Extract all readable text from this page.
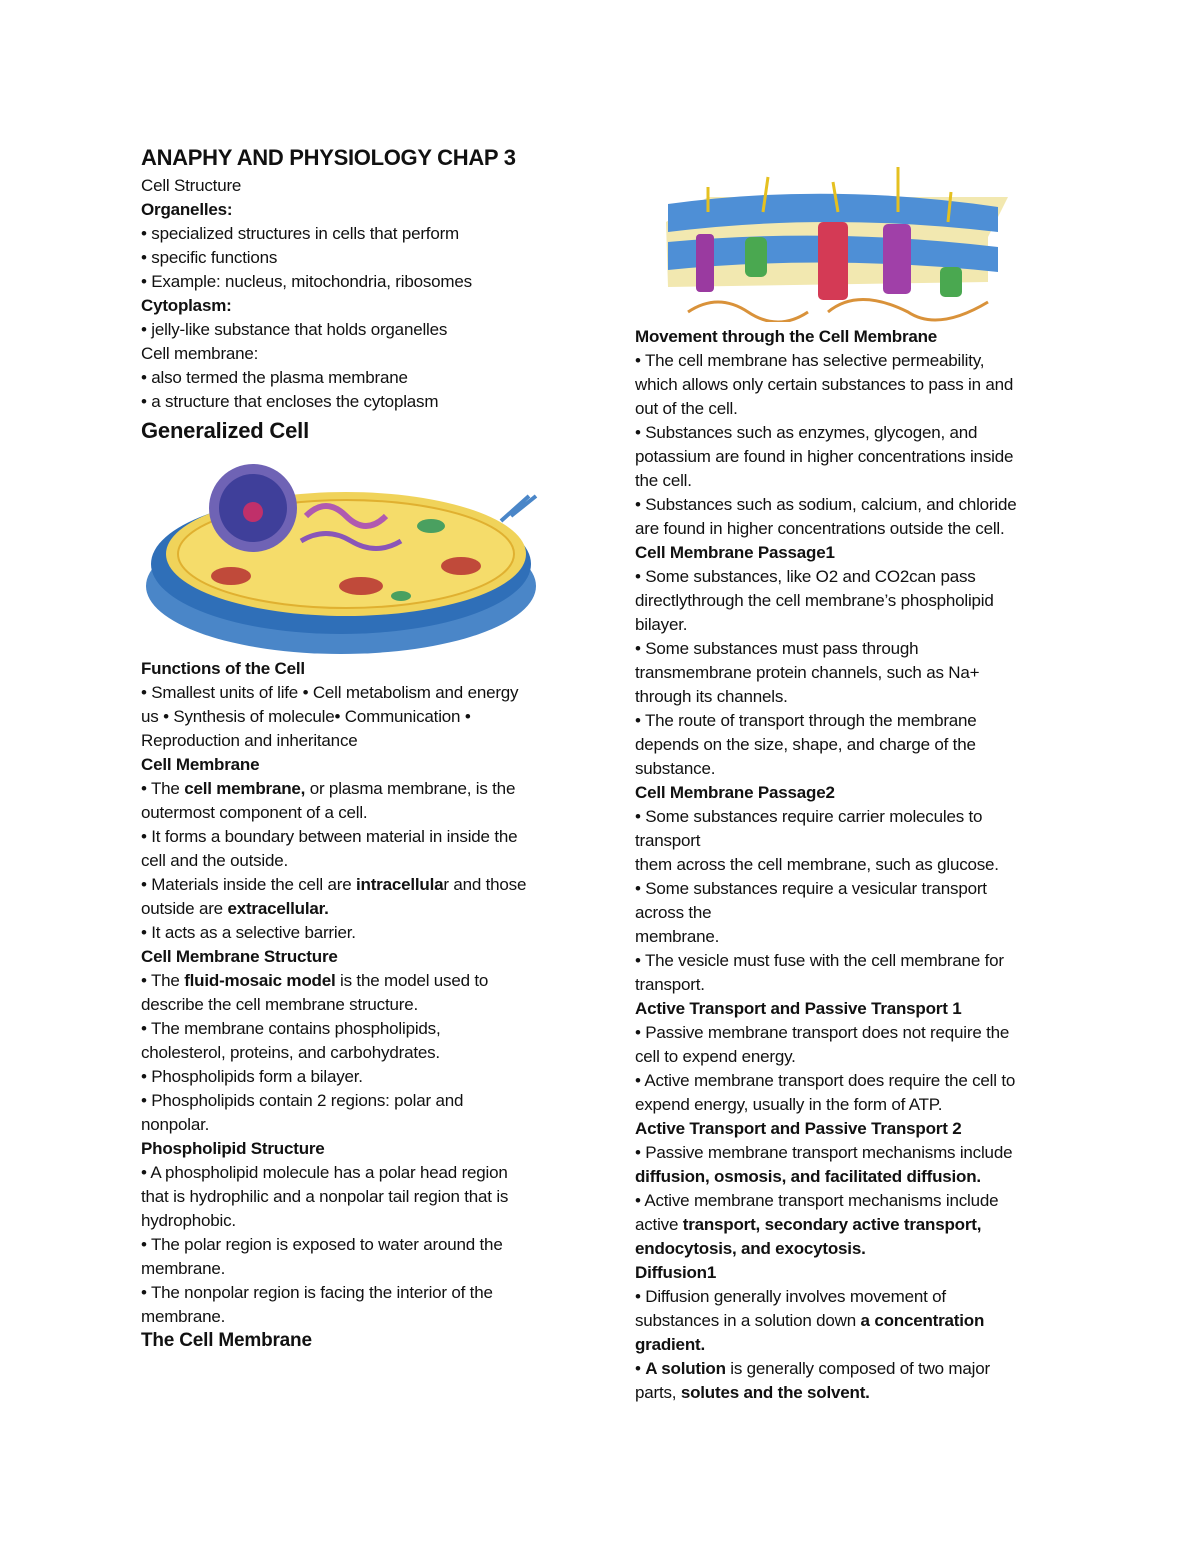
ANAPHY AND PHYSIOLOGY CHAP 3
Cell Structure
Organelles:
• specialized structures in cells that perform
• specific functions
• Example: nucleus, mitochondria, ribosomes
Cytoplasm:
• jelly-like substance that holds organelles
Cell membrane:
• also termed the plasma membrane
• a structure that encloses the cytoplasm
Generalized Cell
Functions of the Cell
• Smallest units of life • Cell metabolism and energy
us • Synthesis of molecule• Communication •
Reproduction and inheritance
Cell Membrane
• The cell membrane, or plasma membrane, is the
outermost component of a cell.
• It forms a boundary between material in inside the
cell and the outside.
• Materials inside the cell are intracellular and those
outside are extracellular.
• It acts as a selective barrier.
Cell Membrane Structure
• The fluid-mosaic model is the model used to
describe the cell membrane structure.
• The membrane contains phospholipids,
cholesterol, proteins, and carbohydrates.
• Phospholipids form a bilayer.
• Phospholipids contain 2 regions: polar and
nonpolar.
Phospholipid Structure
• A phospholipid molecule has a polar head region
that is hydrophilic and a nonpolar tail region that is
hydrophobic.
• The polar region is exposed to water around the
membrane.
• The nonpolar region is facing the interior of the
membrane.
The Cell Membrane
Movement through the Cell Membrane
• The cell membrane has selective permeability,
which allows only certain substances to pass in and
out of the cell.
• Substances such as enzymes, glycogen, and
potassium are found in higher concentrations inside
the cell.
• Substances such as sodium, calcium, and chloride
are found in higher concentrations outside the cell.
Cell Membrane Passage1
• Some substances, like O2 and CO2can pass
directlythrough the cell membrane’s phospholipid
bilayer.
• Some substances must pass through
transmembrane protein channels, such as Na+
through its channels.
• The route of transport through the membrane
depends on the size, shape, and charge of the
substance.
Cell Membrane Passage2
• Some substances require carrier molecules to
transport
them across the cell membrane, such as glucose.
• Some substances require a vesicular transport
across the
membrane.
• The vesicle must fuse with the cell membrane for
transport.
Active Transport and Passive Transport 1
• Passive membrane transport does not require the
cell to expend energy.
• Active membrane transport does require the cell to
expend energy, usually in the form of ATP.
Active Transport and Passive Transport 2
• Passive membrane transport mechanisms include
diffusion, osmosis, and facilitated diffusion.
• Active membrane transport mechanisms include
active transport, secondary active transport,
endocytosis, and exocytosis.
Diffusion1
• Diffusion generally involves movement of
substances in a solution down a concentration
gradient.
• A solution is generally composed of two major
parts, solutes and the solvent.
